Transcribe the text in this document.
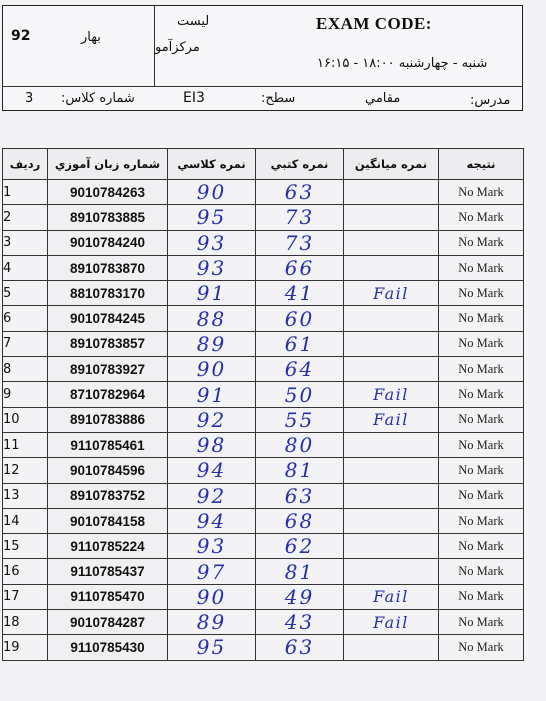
92	بهار
لیست
مرکزآمو
EXAM CODE:
شنبه - چهارشنبه ۱۸:۰۰ - ۱۶:۱۵
3 شماره كلاس:	EI3	سطح:	مقامي	مدرس:
رديف	شماره زبان آموزي	نمره كلاسي	نمره كتبي	نمره ميانگين	نتيجه
1	9010784263	90	63		No Mark
2	8910783885	95	73		No Mark
3	9010784240	93	73		No Mark
4	8910783870	93	66		No Mark
5	8810783170	91	41	Fail	No Mark
6	9010784245	88	60		No Mark
7	8910783857	89	61		No Mark
8	8910783927	90	64		No Mark
9	8710782964	91	50	Fail	No Mark
10	8910783886	92	55	Fail	No Mark
11	9110785461	98	80		No Mark
12	9010784596	94	81		No Mark
13	8910783752	92	63		No Mark
14	9010784158	94	68		No Mark
15	9110785224	93	62		No Mark
16	9110785437	97	81		No Mark
17	9110785470	90	49	Fail	No Mark
18	9010784287	89	43	Fail	No Mark
19	9110785430	95	63		No Mark
